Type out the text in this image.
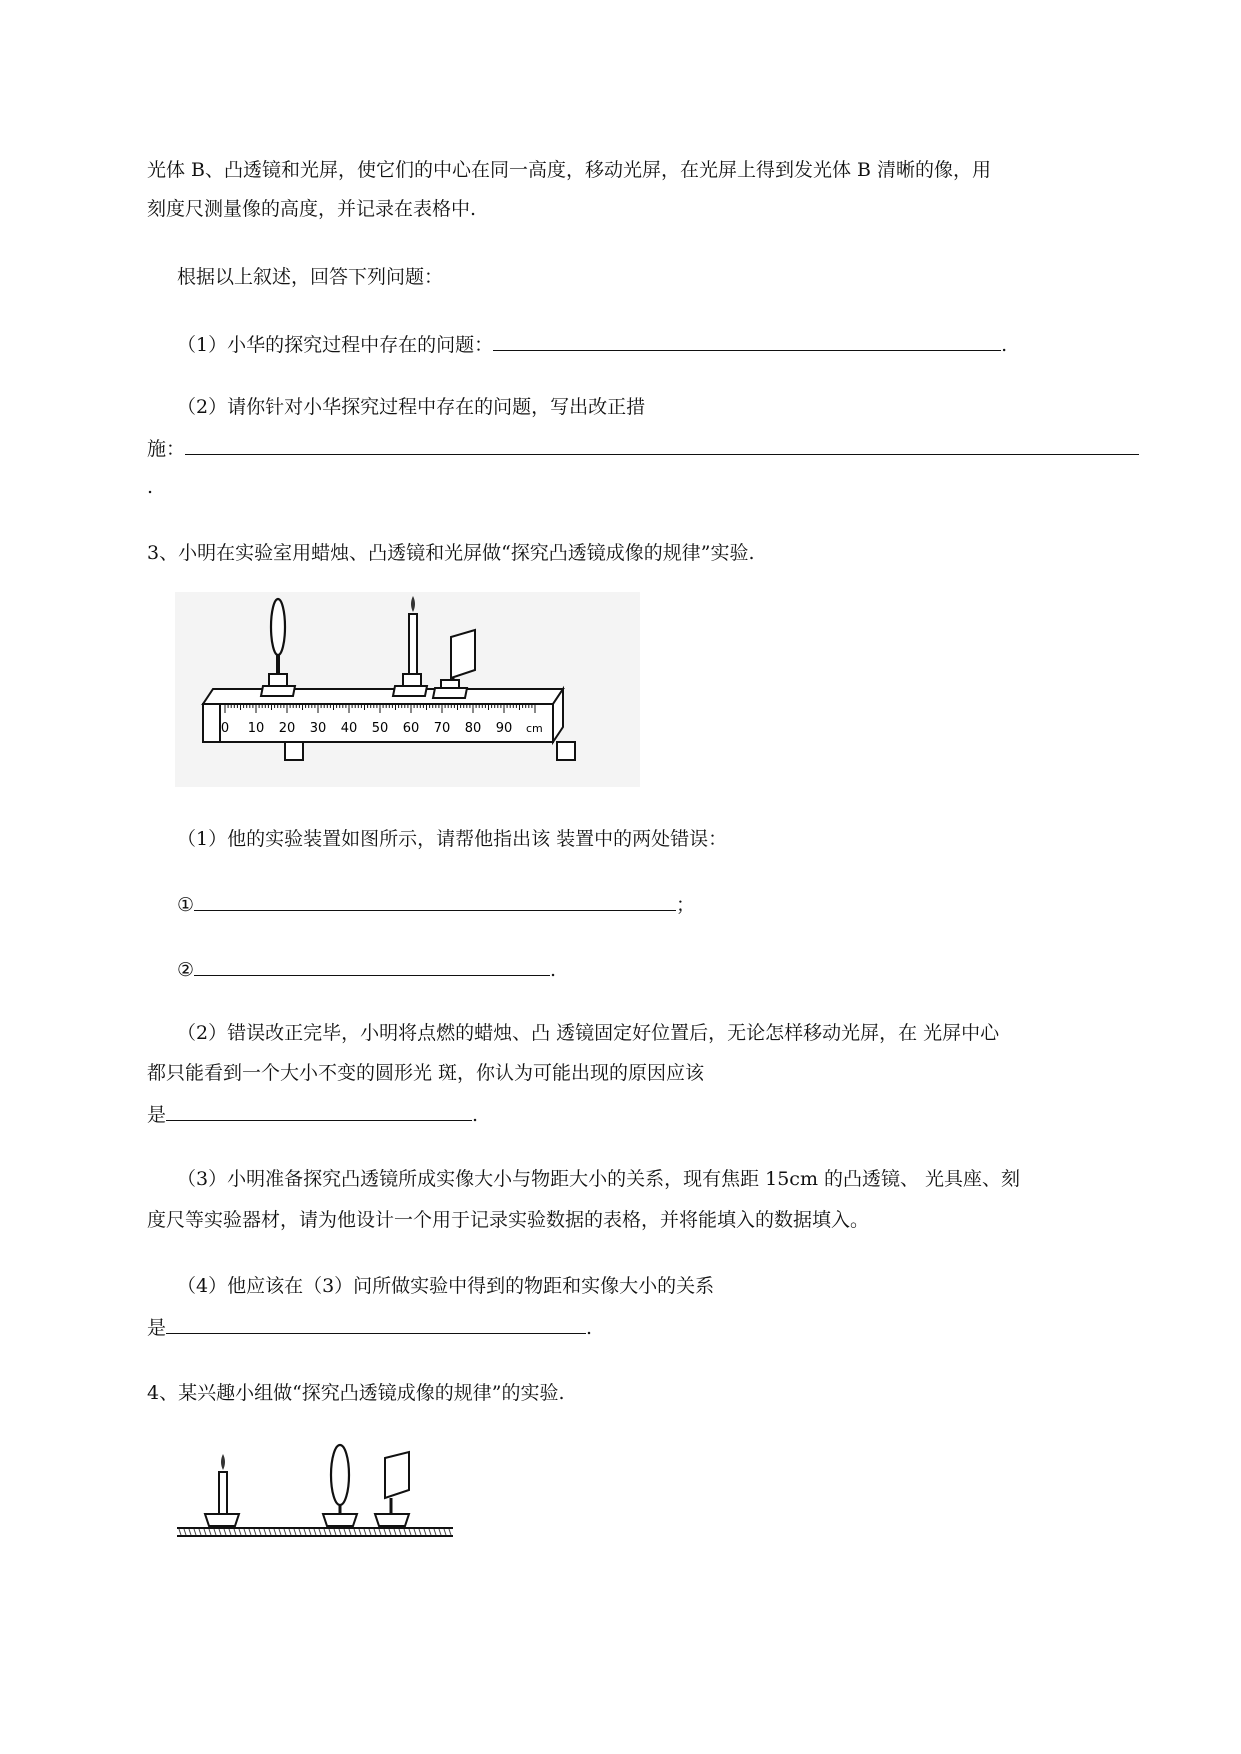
光体 B、凸透镜和光屏，使它们的中心在同一高度，移动光屏，在光屏上得到发光体 B 清晰的像，用
刻度尺测量像的高度，并记录在表格中.
根据以上叙述，回答下列问题：
（1）小华的探究过程中存在的问题：	.
（2）请你针对小华探究过程中存在的问题，写出改正措
施：
.
3、小明在实验室用蜡烛、凸透镜和光屏做“探究凸透镜成像的规律”实验.
0 10 20 30 40 50 60 70 80 90 cm
（1）他的实验装置如图所示，请帮他指出该 装置中的两处错误：
①	；
②	.
（2）错误改正完毕，小明将点燃的蜡烛、凸 透镜固定好位置后，无论怎样移动光屏，在 光屏中心
都只能看到一个大小不变的圆形光 斑，你认为可能出现的原因应该
是	.
（3）小明准备探究凸透镜所成实像大小与物距大小的关系，现有焦距 15cm 的凸透镜、 光具座、刻
度尺等实验器材，请为他设计一个用于记录实验数据的表格，并将能填入的数据填入。
（4）他应该在（3）问所做实验中得到的物距和实像大小的关系
是	.
4、某兴趣小组做“探究凸透镜成像的规律”的实验.
